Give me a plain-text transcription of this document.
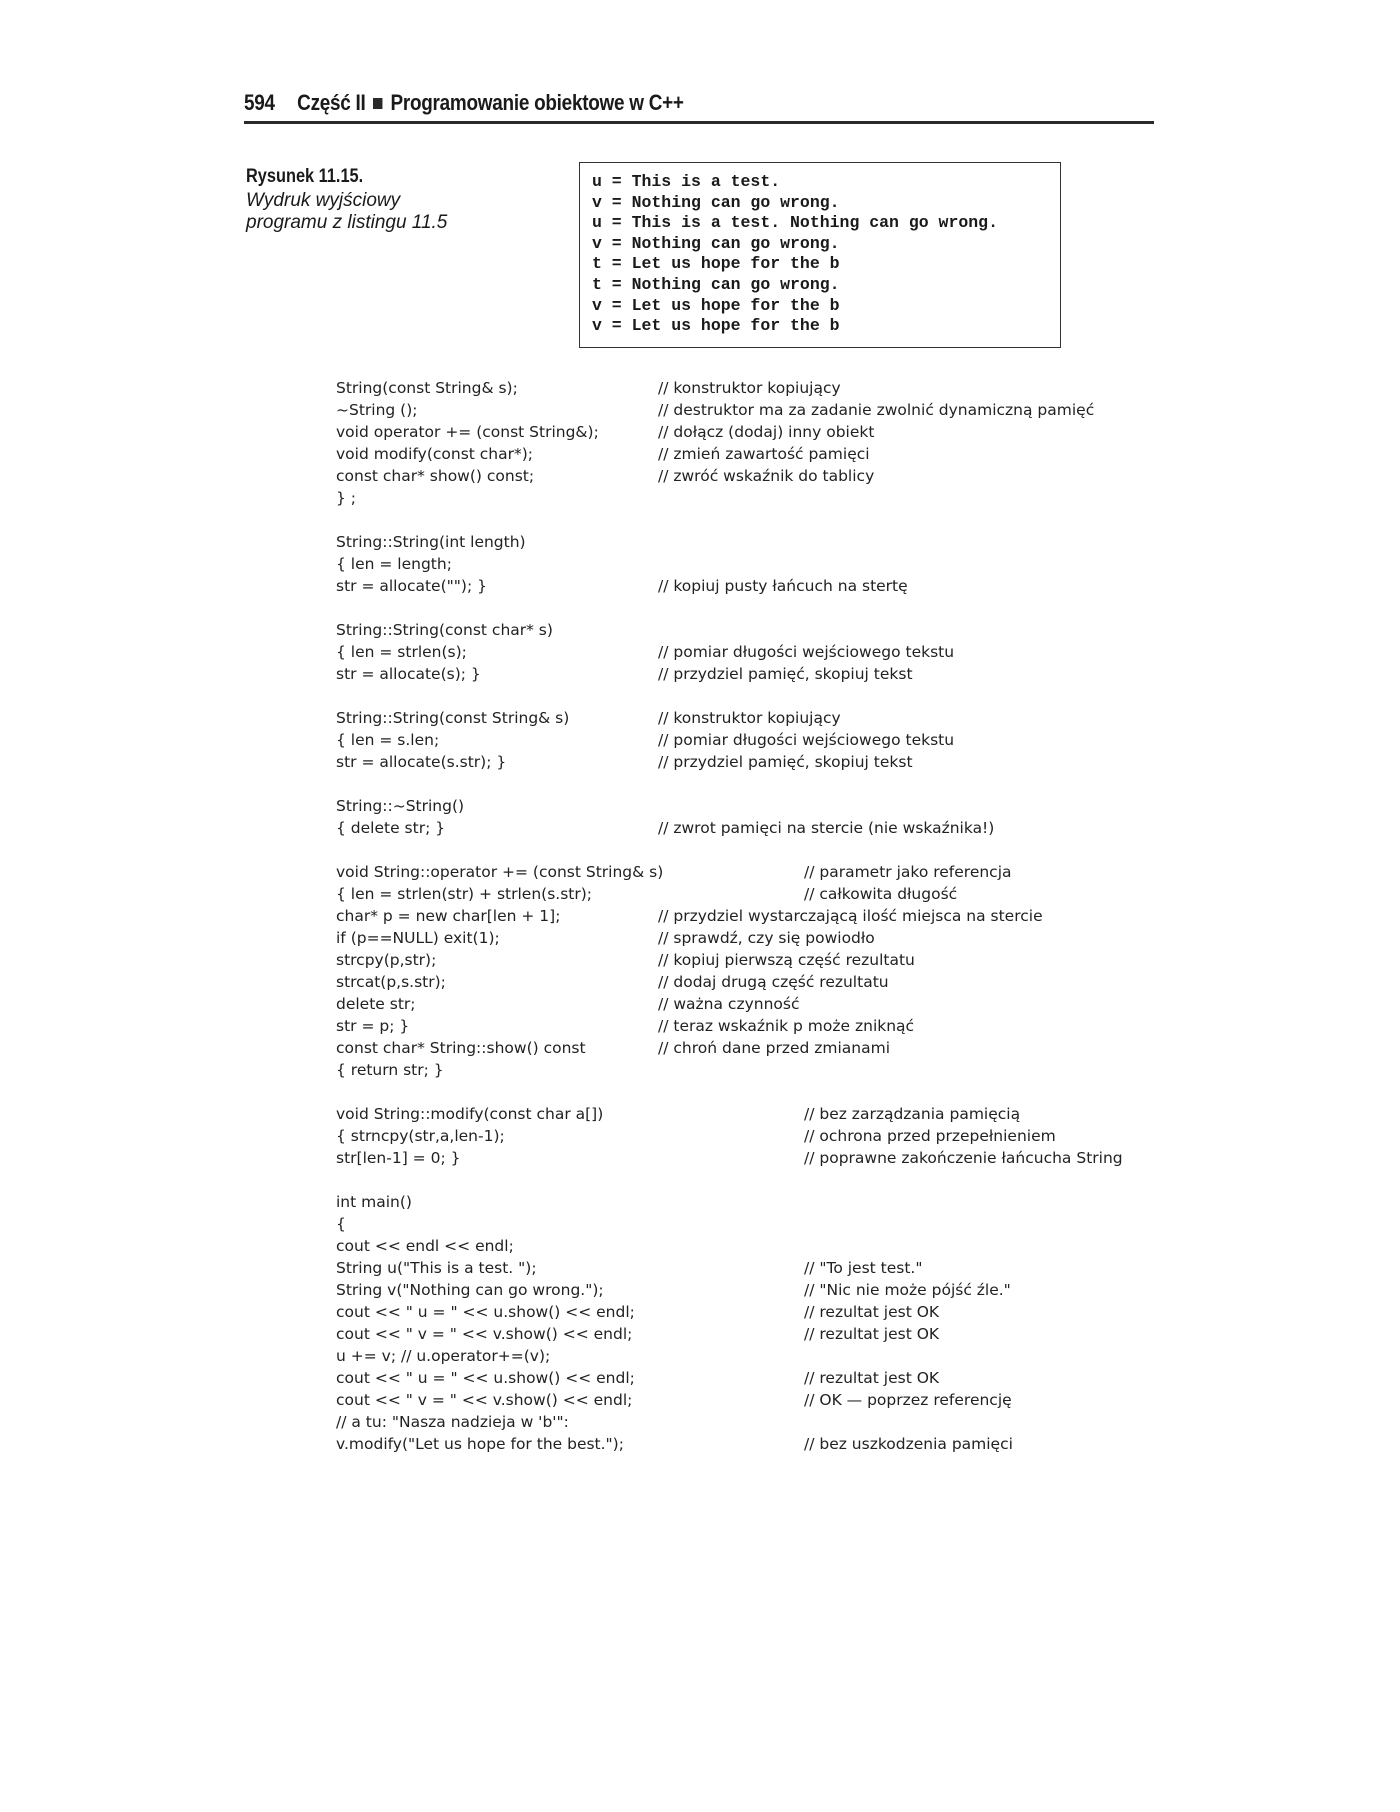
594 Część II Programowanie obiektowe w C++
Rysunek 11.15.
Wydruk wyjściowy programu z listingu 11.5
u = This is a test.
v = Nothing can go wrong.
u = This is a test. Nothing can go wrong.
v = Nothing can go wrong.
t = Let us hope for the b
t = Nothing can go wrong.
v = Let us hope for the b
v = Let us hope for the b
String(const String& s);	// konstruktor kopiujący
~String ();	// destruktor ma za zadanie zwolnić dynamiczną pamięć
void operator += (const String&);	// dołącz (dodaj) inny obiekt
void modify(const char*);	// zmień zawartość pamięci
const char* show() const;	// zwróć wskaźnik do tablicy
} ;
String::String(int length)
{ len = length;
str = allocate(""); }	// kopiuj pusty łańcuch na stertę
String::String(const char* s)
{ len = strlen(s);	// pomiar długości wejściowego tekstu
str = allocate(s); }	// przydziel pamięć, skopiuj tekst
String::String(const String& s)	// konstruktor kopiujący
{ len = s.len;	// pomiar długości wejściowego tekstu
str = allocate(s.str); }	// przydziel pamięć, skopiuj tekst
String::~String()
{ delete str; }	// zwrot pamięci na stercie (nie wskaźnika!)
void String::operator += (const String& s)	// parametr jako referencja
{ len = strlen(str) + strlen(s.str);	// całkowita długość
char* p = new char[len + 1];	// przydziel wystarczającą ilość miejsca na stercie
if (p==NULL) exit(1);	// sprawdź, czy się powiodło
strcpy(p,str);	// kopiuj pierwszą część rezultatu
strcat(p,s.str);	// dodaj drugą część rezultatu
delete str;	// ważna czynność
str = p; }	// teraz wskaźnik p może zniknąć
const char* String::show() const	// chroń dane przed zmianami
{ return str; }
void String::modify(const char a[])	// bez zarządzania pamięcią
{ strncpy(str,a,len-1);	// ochrona przed przepełnieniem
str[len-1] = 0; }	// poprawne zakończenie łańcucha String
int main()
{
cout << endl << endl;
String u("This is a test. ");	// "To jest test."
String v("Nothing can go wrong.");	// "Nic nie może pójść źle."
cout << " u = " << u.show() << endl;	// rezultat jest OK
cout << " v = " << v.show() << endl;	// rezultat jest OK
u += v; // u.operator+=(v);
cout << " u = " << u.show() << endl;	// rezultat jest OK
cout << " v = " << v.show() << endl;	// OK — poprzez referencję
// a tu: "Nasza nadzieja w 'b'":
v.modify("Let us hope for the best.");	// bez uszkodzenia pamięci
